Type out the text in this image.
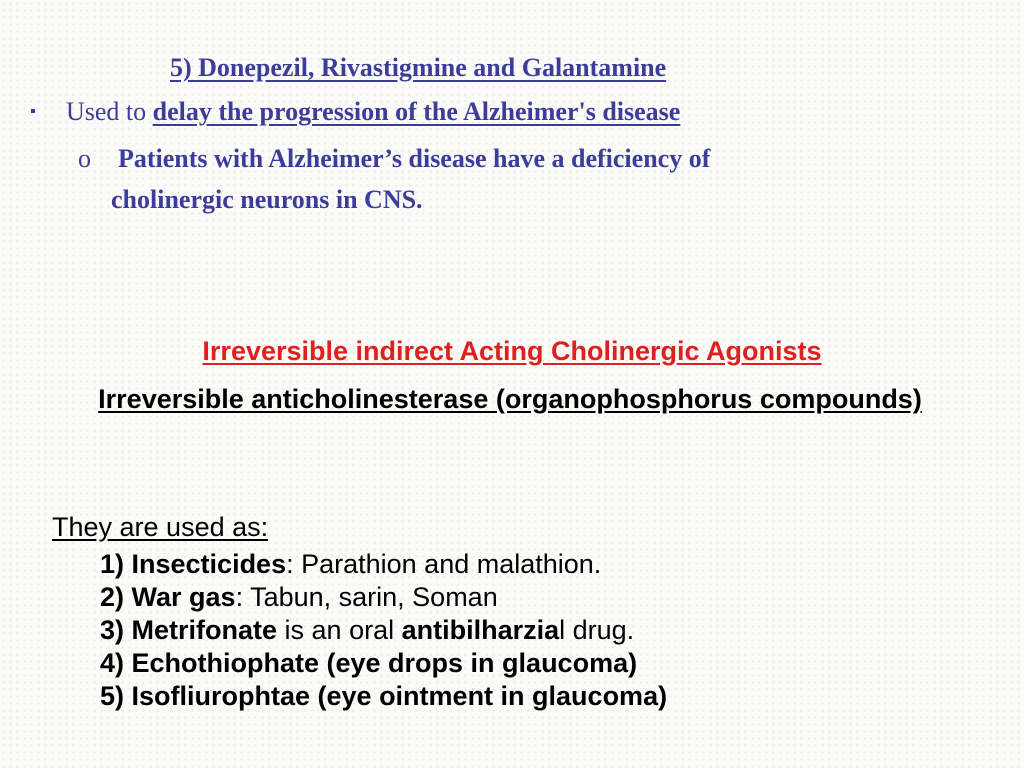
5) Donepezil, Rivastigmine and Galantamine
▪ Used to delay the progression of the Alzheimer's disease
o Patients with Alzheimer’s disease have a deficiency of
cholinergic neurons in CNS.
Irreversible indirect Acting Cholinergic Agonists
Irreversible anticholinesterase (organophosphorus compounds)
They are used as:
1) Insecticides: Parathion and malathion.
2) War gas: Tabun, sarin, Soman
3) Metrifonate is an oral antibilharzial drug.
4) Echothiophate (eye drops in glaucoma)
5) Isofliurophtae (eye ointment in glaucoma)
